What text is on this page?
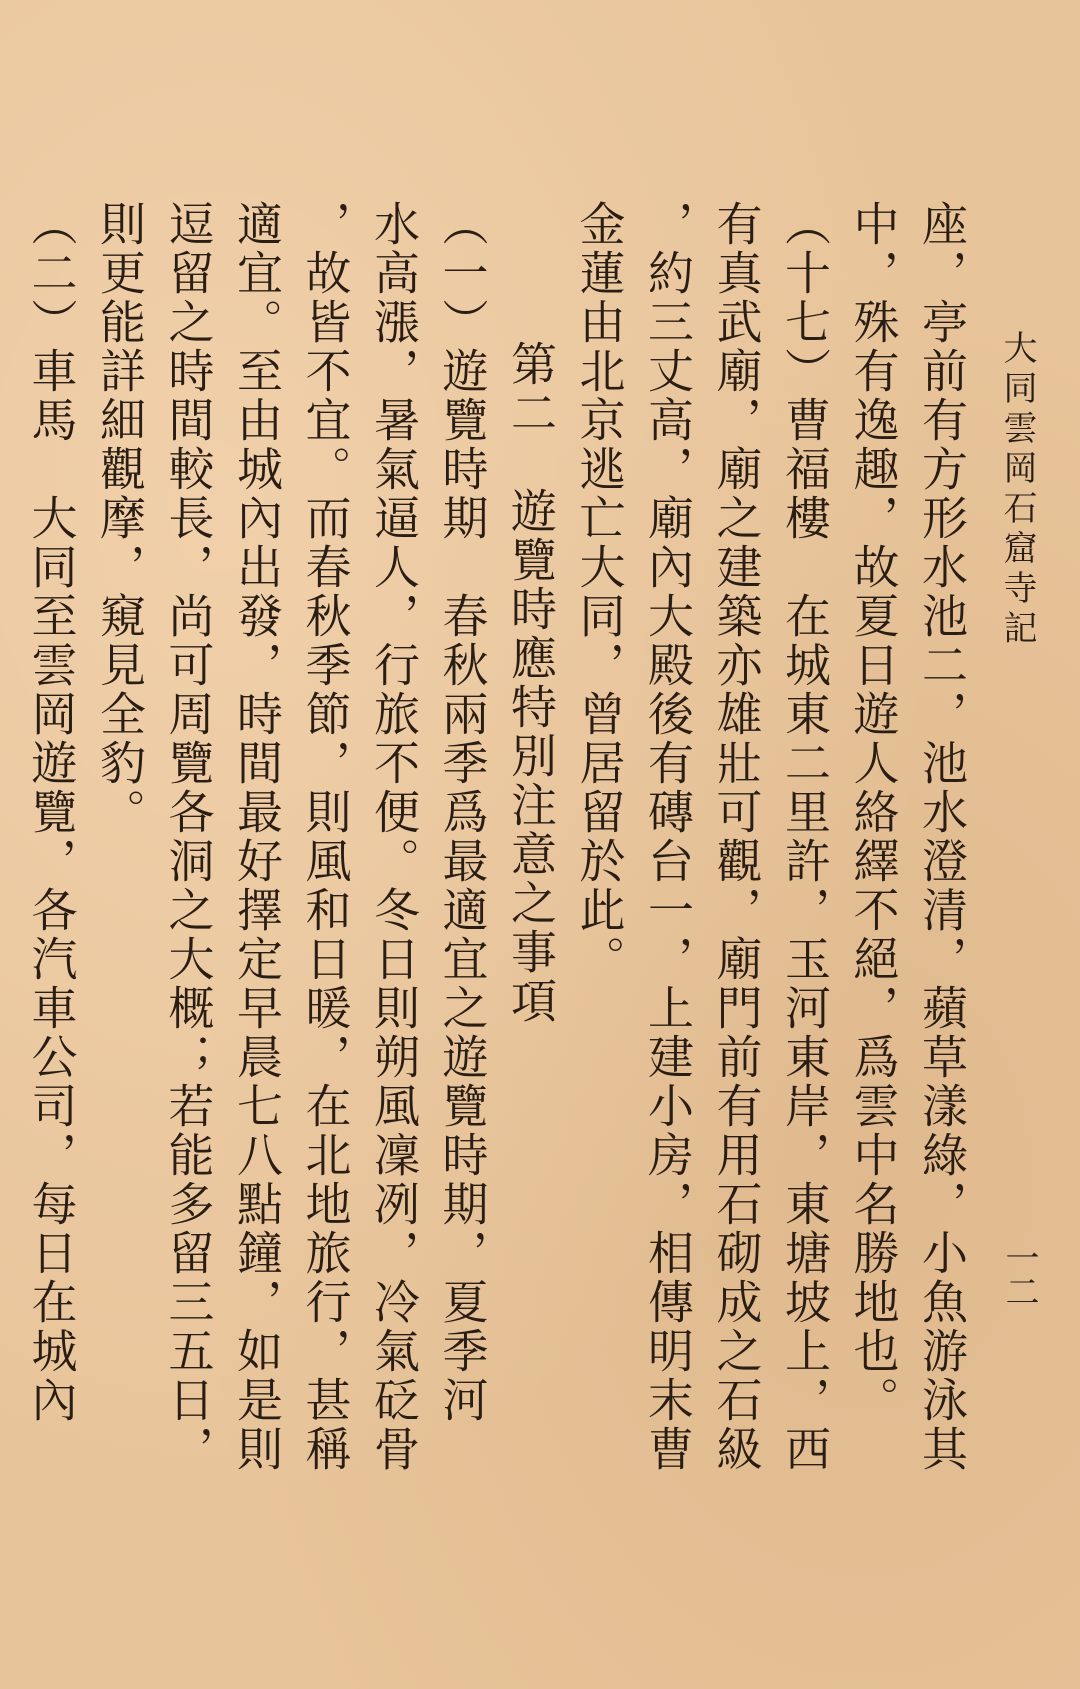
大同雲岡石窟寺記
一二
座，亭前有方形水池二，池水澄清，蘋草漾綠，小魚游泳其
中，殊有逸趣，故夏日遊人絡繹不絕，爲雲中名勝地也。
（十七）曹福樓　在城東二里許，玉河東岸，東塘坡上，西
有真武廟，廟之建築亦雄壯可觀，廟門前有用石砌成之石級
，約三丈高，廟內大殿後有磚台一，上建小房，相傳明末曹
金蓮由北京逃亡大同，曾居留於此。
第二　遊覽時應特別注意之事項
（一）遊覽時期　春秋兩季爲最適宜之遊覽時期，夏季河
水高漲，暑氣逼人，行旅不便。冬日則朔風凜冽，冷氣砭骨
，故皆不宜。而春秋季節，則風和日暖，在北地旅行，甚稱
適宜。至由城內出發，時間最好擇定早晨七八點鐘，如是則
逗留之時間較長，尚可周覽各洞之大概；若能多留三五日，
則更能詳細觀摩，窺見全豹。
（二）車馬　大同至雲岡遊覽，各汽車公司，每日在城內
